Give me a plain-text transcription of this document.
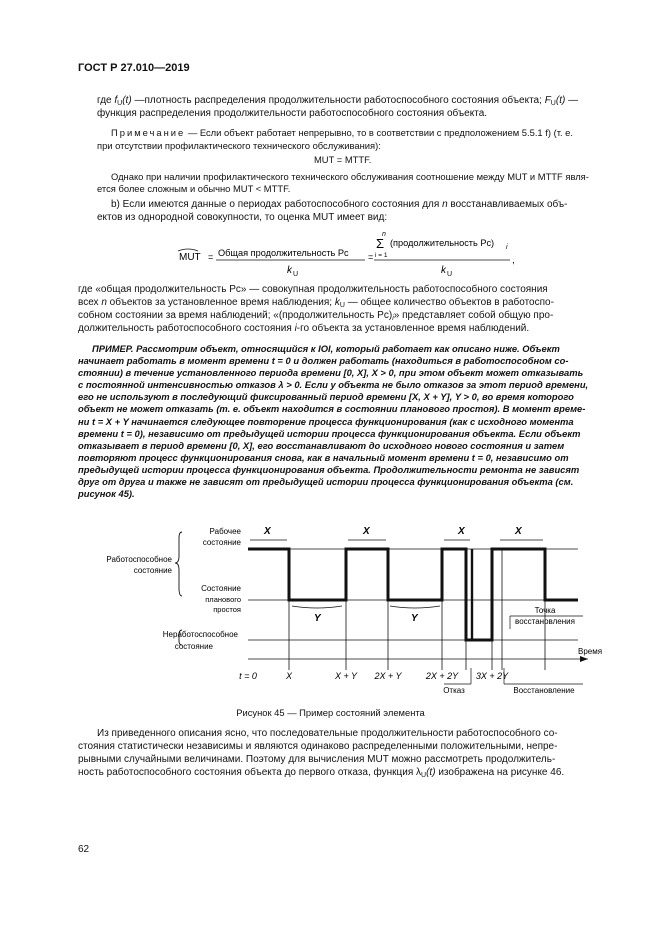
ГОСТ Р 27.010—2019
где $f_U(t)$ —плотность распределения продолжительности работоспособного состояния объекта; $F_U(t)$ —
функция распределения продолжительности работоспособного состояния объекта.
Примечание — Если объект работает непрерывно, то в соответствии с предположением 5.5.1 f) (т. е.
при отсутствии профилактического технического обслуживания):
MUT = MTTF.
Однако при наличии профилактического технического обслуживания соотношение между MUT и MTTF явля-
ется более сложным и обычно MUT < MTTF.
b) Если имеются данные о периодах работоспособного состояния для n восстанавливаемых объ-
ектов из однородной совокупности, то оценка MUT имеет вид:
MUT = Общая продолжительность Рс
k U
=
n
Σ
i = 1
(продолжительность Рс) i
k U
,
где «общая продолжительность Рс» — совокупная продолжительность работоспособного состояния
всех n объектов за установленное время наблюдения; $k_U$ — общее количество объектов в работоспо-
собном состоянии за время наблюдений; «(продолжительность $Рс)_i$» представляет собой общую про-
должительность работоспособного состояния i-го объекта за установленное время наблюдений.
ПРИМЕР. Рассмотрим объект, относящийся к IOI, который работает как описано ниже. Объект
начинает работать в момент времени t = 0 и должен работать (находиться в работоспособном со-
стоянии) в течение установленного периода времени [0, X], X > 0, при этом объект может отказывать
с постоянной интенсивностью отказов λ > 0. Если у объекта не было отказов за этот период времени,
его не используют в последующий фиксированный период времени [X, X + Y], Y > 0, во время которого
объект не может отказать (т. е. объект находится в состоянии планового простоя). В момент време-
ни t = X + Y начинается следующее повторение процесса функционирования (как с исходного момента
времени t = 0), независимо от предыдущей истории процесса функционирования объекта. Если объект
отказывает в период времени [0, X], его восстанавливают до исходного нового состояния и затем
повторяют процесс функционирования снова, как в начальный момент времени t = 0, независимо от
предыдущей истории процесса функционирования объекта. Продолжительности ремонта не зависят
друг от друга и также не зависят от предыдущей истории процесса функционирования объекта (см.
рисунок 45).
X	X	X	X
Y	Y
Рабочее
состояние
Работоспособное
состояние
Состояние
планового
простоя
Неработоспособное
состояние
Точка
восстановления
Время
t = 0	X	X + Y 2X + Y	2X + 2Y 3X + 2Y
Отказ	Восстановление
Рисунок 45 — Пример состояний элемента
Из приведенного описания ясно, что последовательные продолжительности работоспособного со-
стояния статистически независимы и являются одинаково распределенными положительными, непре-
рывными случайными величинами. Поэтому для вычисления MUT можно рассмотреть продолжитель-
ность работоспособного состояния объекта до первого отказа, функция $\lambda_U(t)$ изображена на рисунке 46.
62
